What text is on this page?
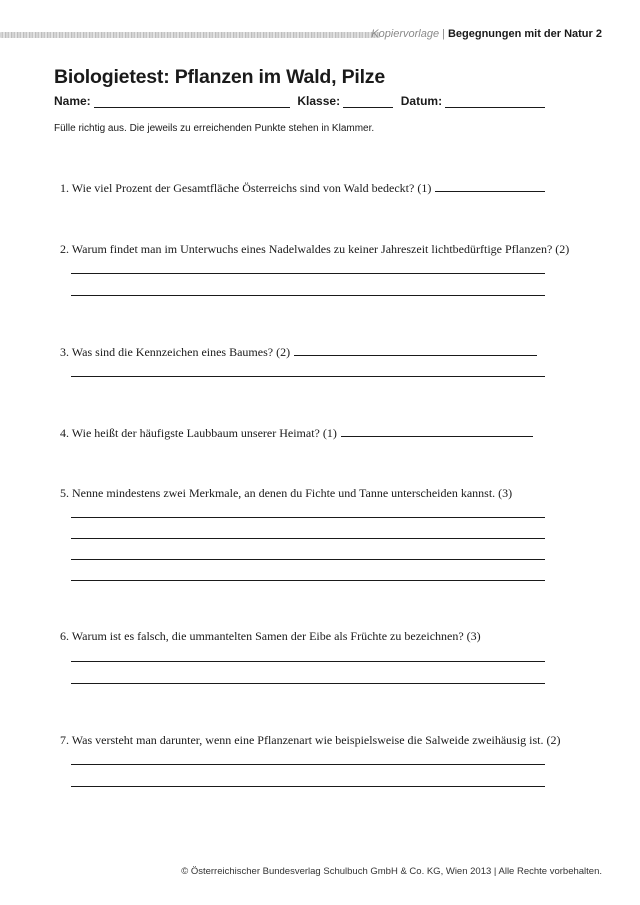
Kopiervorlage | Begegnungen mit der Natur 2
Biologietest: Pflanzen im Wald, Pilze
Name:	Klasse:	Datum:
Fülle richtig aus. Die jeweils zu erreichenden Punkte stehen in Klammer.
1. Wie viel Prozent der Gesamtfläche Österreichs sind von Wald bedeckt? (1)
2. Warum findet man im Unterwuchs eines Nadelwaldes zu keiner Jahreszeit lichtbedürftige Pflanzen? (2)
3. Was sind die Kennzeichen eines Baumes? (2)
4. Wie heißt der häufigste Laubbaum unserer Heimat? (1)
5. Nenne mindestens zwei Merkmale, an denen du Fichte und Tanne unterscheiden kannst. (3)
6. Warum ist es falsch, die ummantelten Samen der Eibe als Früchte zu bezeichnen? (3)
7. Was versteht man darunter, wenn eine Pflanzenart wie beispielsweise die Salweide zweihäusig ist. (2)
© Österreichischer Bundesverlag Schulbuch GmbH & Co. KG, Wien 2013 | Alle Rechte vorbehalten.
